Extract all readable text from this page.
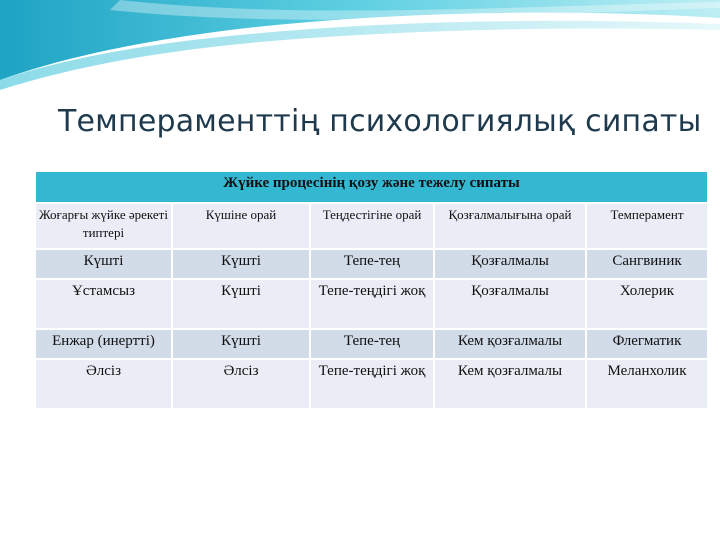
Темпераменттің психологиялық сипаты
Жүйке процесінің қозу және тежелу сипаты				
Жоғарғы жүйке әрекеті типтері	Күшіне орай	Теңдестігіне орай	Қозғалмалығына орай	Темперамент
Күшті	Күшті	Тепе-тең	Қозғалмалы	Сангвиник
Ұстамсыз	Күшті	Тепе-теңдігі жоқ	Қозғалмалы	Холерик
Енжар (инертті)	Күшті	Тепе-тең	Кем қозғалмалы	Флегматик
Әлсіз	Әлсіз	Тепе-теңдігі жоқ	Кем қозғалмалы	Меланхолик
